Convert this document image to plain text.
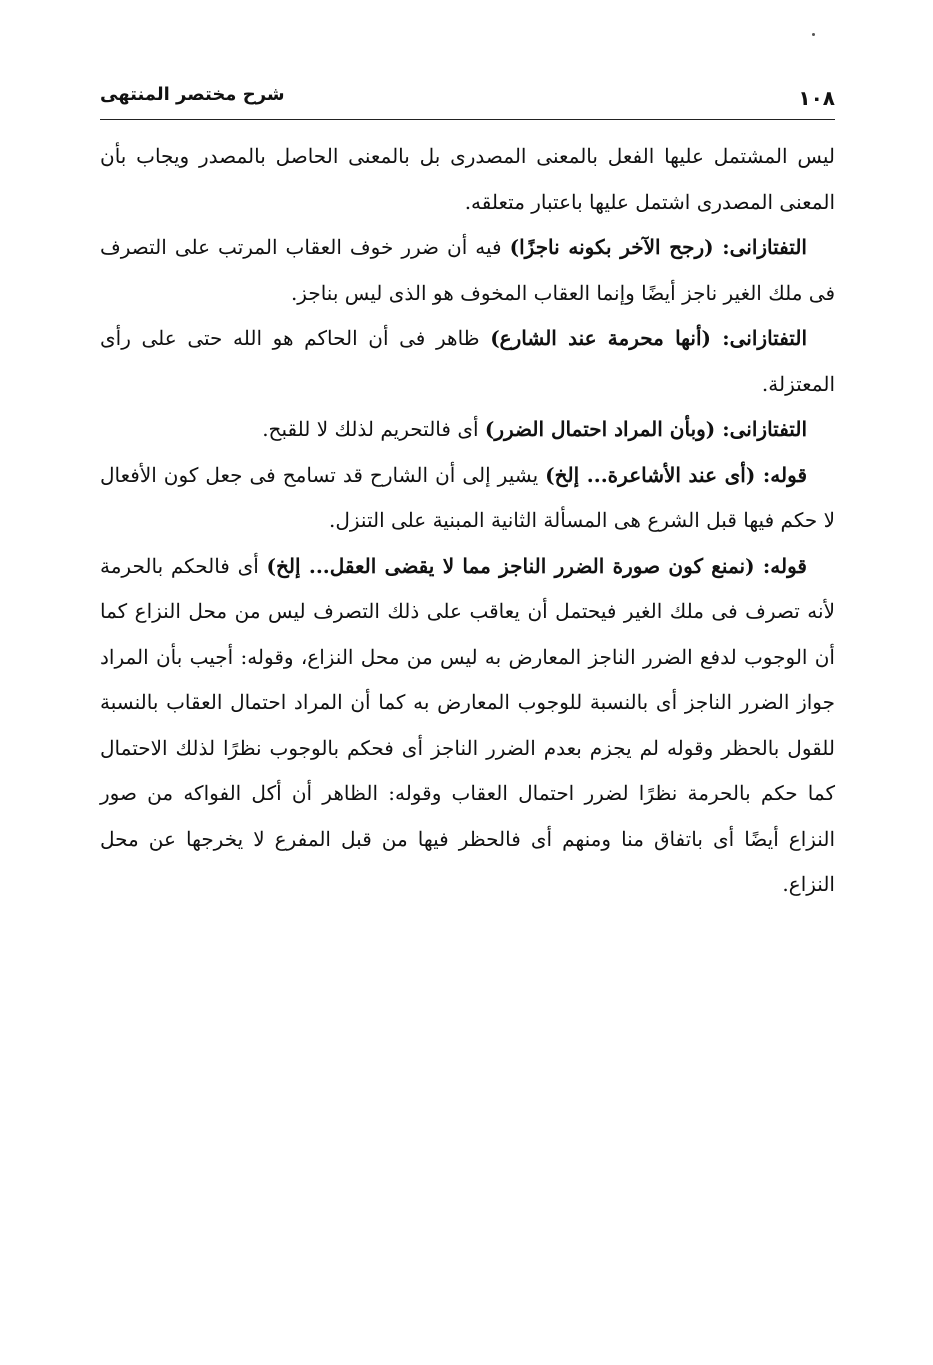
شرح مختصر المنتهى	١٠٨

ليس المشتمل عليها الفعل بالمعنى المصدرى بل بالمعنى الحاصل بالمصدر ويجاب بأن المعنى المصدرى اشتمل عليها باعتبار متعلقه.

التفتازانى: (رجح الآخر بكونه ناجزًا) فيه أن ضرر خوف العقاب المرتب على التصرف فى ملك الغير ناجز أيضًا وإنما العقاب المخوف هو الذى ليس بناجز.

التفتازانى: (أنها محرمة عند الشارع) ظاهر فى أن الحاكم هو الله حتى على رأى المعتزلة.

التفتازانى: (وبأن المراد احتمال الضرر) أى فالتحريم لذلك لا للقبح.

قوله: (أى عند الأشاعرة... إلخ) يشير إلى أن الشارح قد تسامح فى جعل كون الأفعال لا حكم فيها قبل الشرع هى المسألة الثانية المبنية على التنزل.

قوله: (نمنع كون صورة الضرر الناجز مما لا يقضى العقل... إلخ) أى فالحكم بالحرمة لأنه تصرف فى ملك الغير فيحتمل أن يعاقب على ذلك التصرف ليس من محل النزاع كما أن الوجوب لدفع الضرر الناجز المعارض به ليس من محل النزاع، وقوله: أجيب بأن المراد جواز الضرر الناجز أى بالنسبة للوجوب المعارض به كما أن المراد احتمال العقاب بالنسبة للقول بالحظر وقوله لم يجزم بعدم الضرر الناجز أى فحكم بالوجوب نظرًا لذلك الاحتمال كما حكم بالحرمة نظرًا لضرر احتمال العقاب وقوله: الظاهر أن أكل الفواكه من صور النزاع أيضًا أى باتفاق منا ومنهم أى فالحظر فيها من قبل المفرع لا يخرجها عن محل النزاع.
